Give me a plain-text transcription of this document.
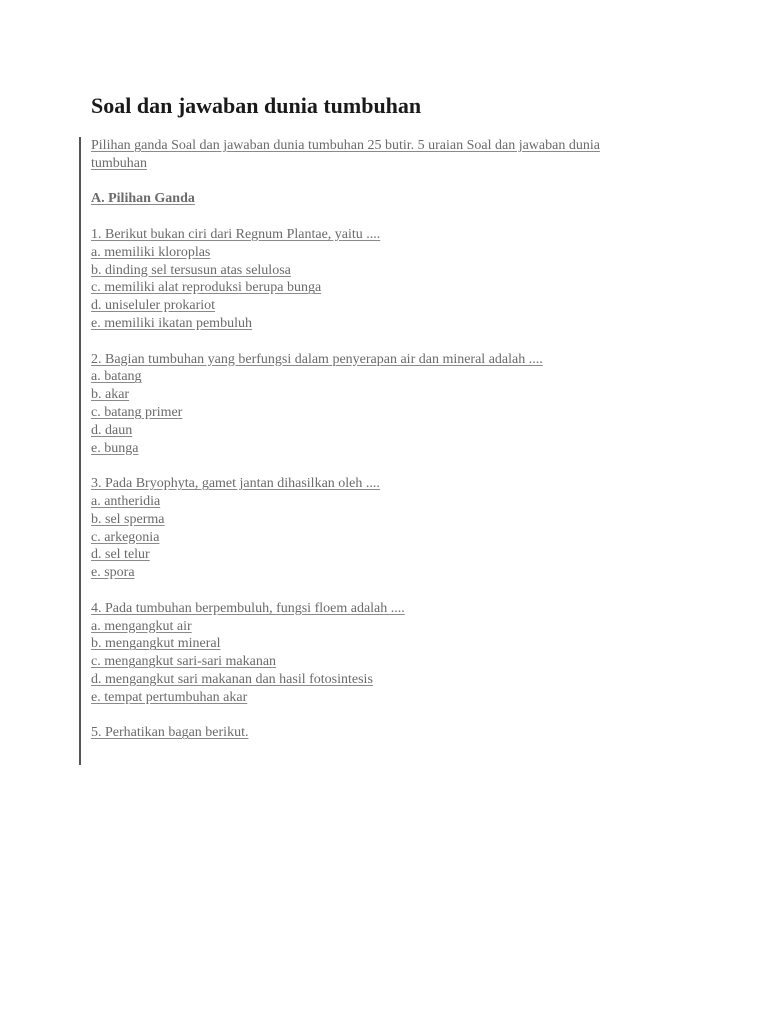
Soal dan jawaban dunia tumbuhan

Pilihan ganda Soal dan jawaban dunia tumbuhan 25 butir. 5 uraian Soal dan jawaban dunia tumbuhan

A. Pilihan Ganda

1. Berikut bukan ciri dari Regnum Plantae, yaitu ....
a. memiliki kloroplas
b. dinding sel tersusun atas selulosa
c. memiliki alat reproduksi berupa bunga
d. uniseluler prokariot
e. memiliki ikatan pembuluh
2. Bagian tumbuhan yang berfungsi dalam penyerapan air dan mineral adalah ....
a. batang
b. akar
c. batang primer
d. daun
e. bunga
3. Pada Bryophyta, gamet jantan dihasilkan oleh ....
a. antheridia
b. sel sperma
c. arkegonia
d. sel telur
e. spora
4. Pada tumbuhan berpembuluh, fungsi floem adalah ....
a. mengangkut air
b. mengangkut mineral
c. mengangkut sari-sari makanan
d. mengangkut sari makanan dan hasil fotosintesis
e. tempat pertumbuhan akar
5. Perhatikan bagan berikut.
